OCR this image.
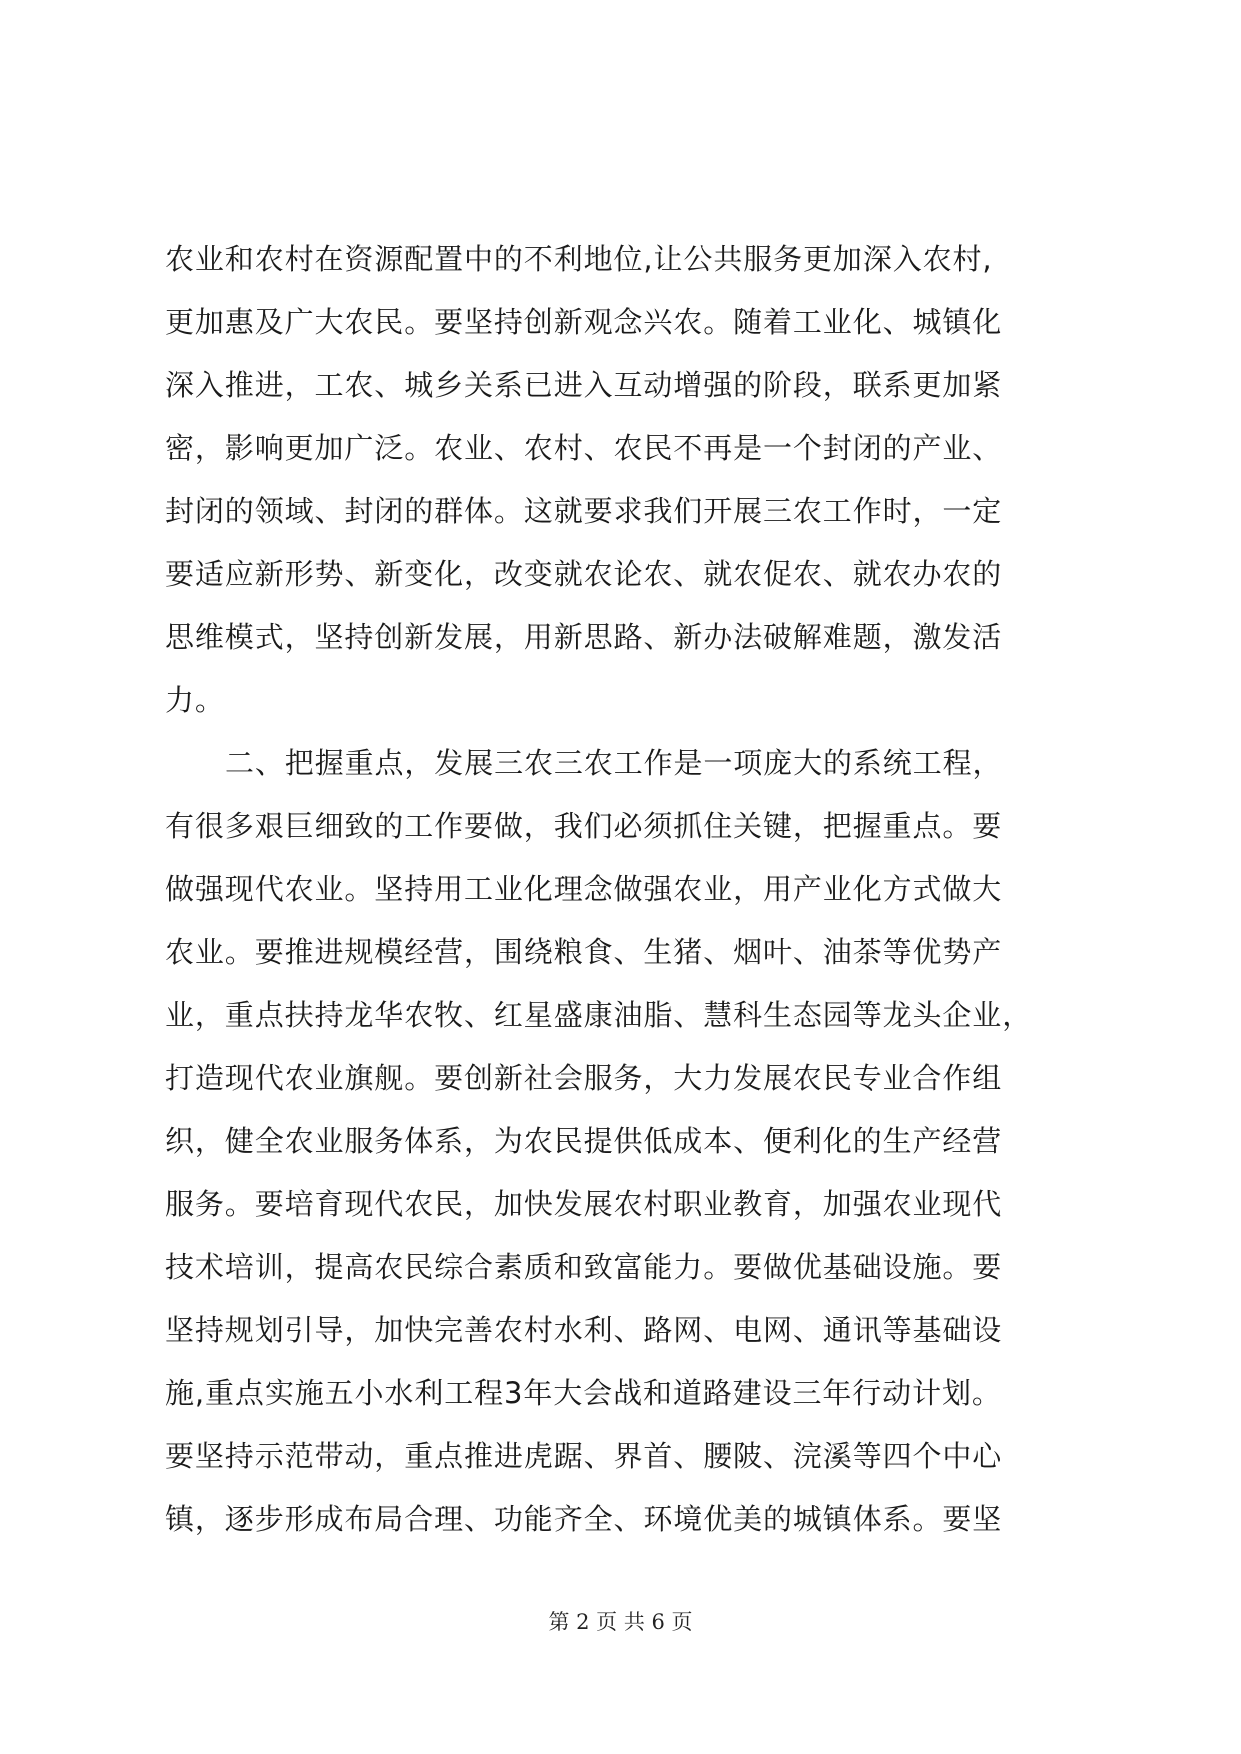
农业和农村在资源配置中的不利地位,让公共服务更加深入农村,
更加惠及广大农民。要坚持创新观念兴农。随着工业化、城镇化
深入推进，工农、城乡关系已进入互动增强的阶段，联系更加紧
密，影响更加广泛。农业、农村、农民不再是一个封闭的产业、
封闭的领域、封闭的群体。这就要求我们开展三农工作时，一定
要适应新形势、新变化，改变就农论农、就农促农、就农办农的
思维模式，坚持创新发展，用新思路、新办法破解难题，激发活
力。
二、把握重点，发展三农三农工作是一项庞大的系统工程，
有很多艰巨细致的工作要做，我们必须抓住关键，把握重点。要
做强现代农业。坚持用工业化理念做强农业，用产业化方式做大
农业。要推进规模经营，围绕粮食、生猪、烟叶、油茶等优势产
业，重点扶持龙华农牧、红星盛康油脂、慧科生态园等龙头企业，
打造现代农业旗舰。要创新社会服务，大力发展农民专业合作组
织，健全农业服务体系，为农民提供低成本、便利化的生产经营
服务。要培育现代农民，加快发展农村职业教育，加强农业现代
技术培训，提高农民综合素质和致富能力。要做优基础设施。要
坚持规划引导，加快完善农村水利、路网、电网、通讯等基础设
施,重点实施五小水利工程3年大会战和道路建设三年行动计划。
要坚持示范带动，重点推进虎踞、界首、腰陂、浣溪等四个中心
镇，逐步形成布局合理、功能齐全、环境优美的城镇体系。要坚
第 2 页 共 6 页
